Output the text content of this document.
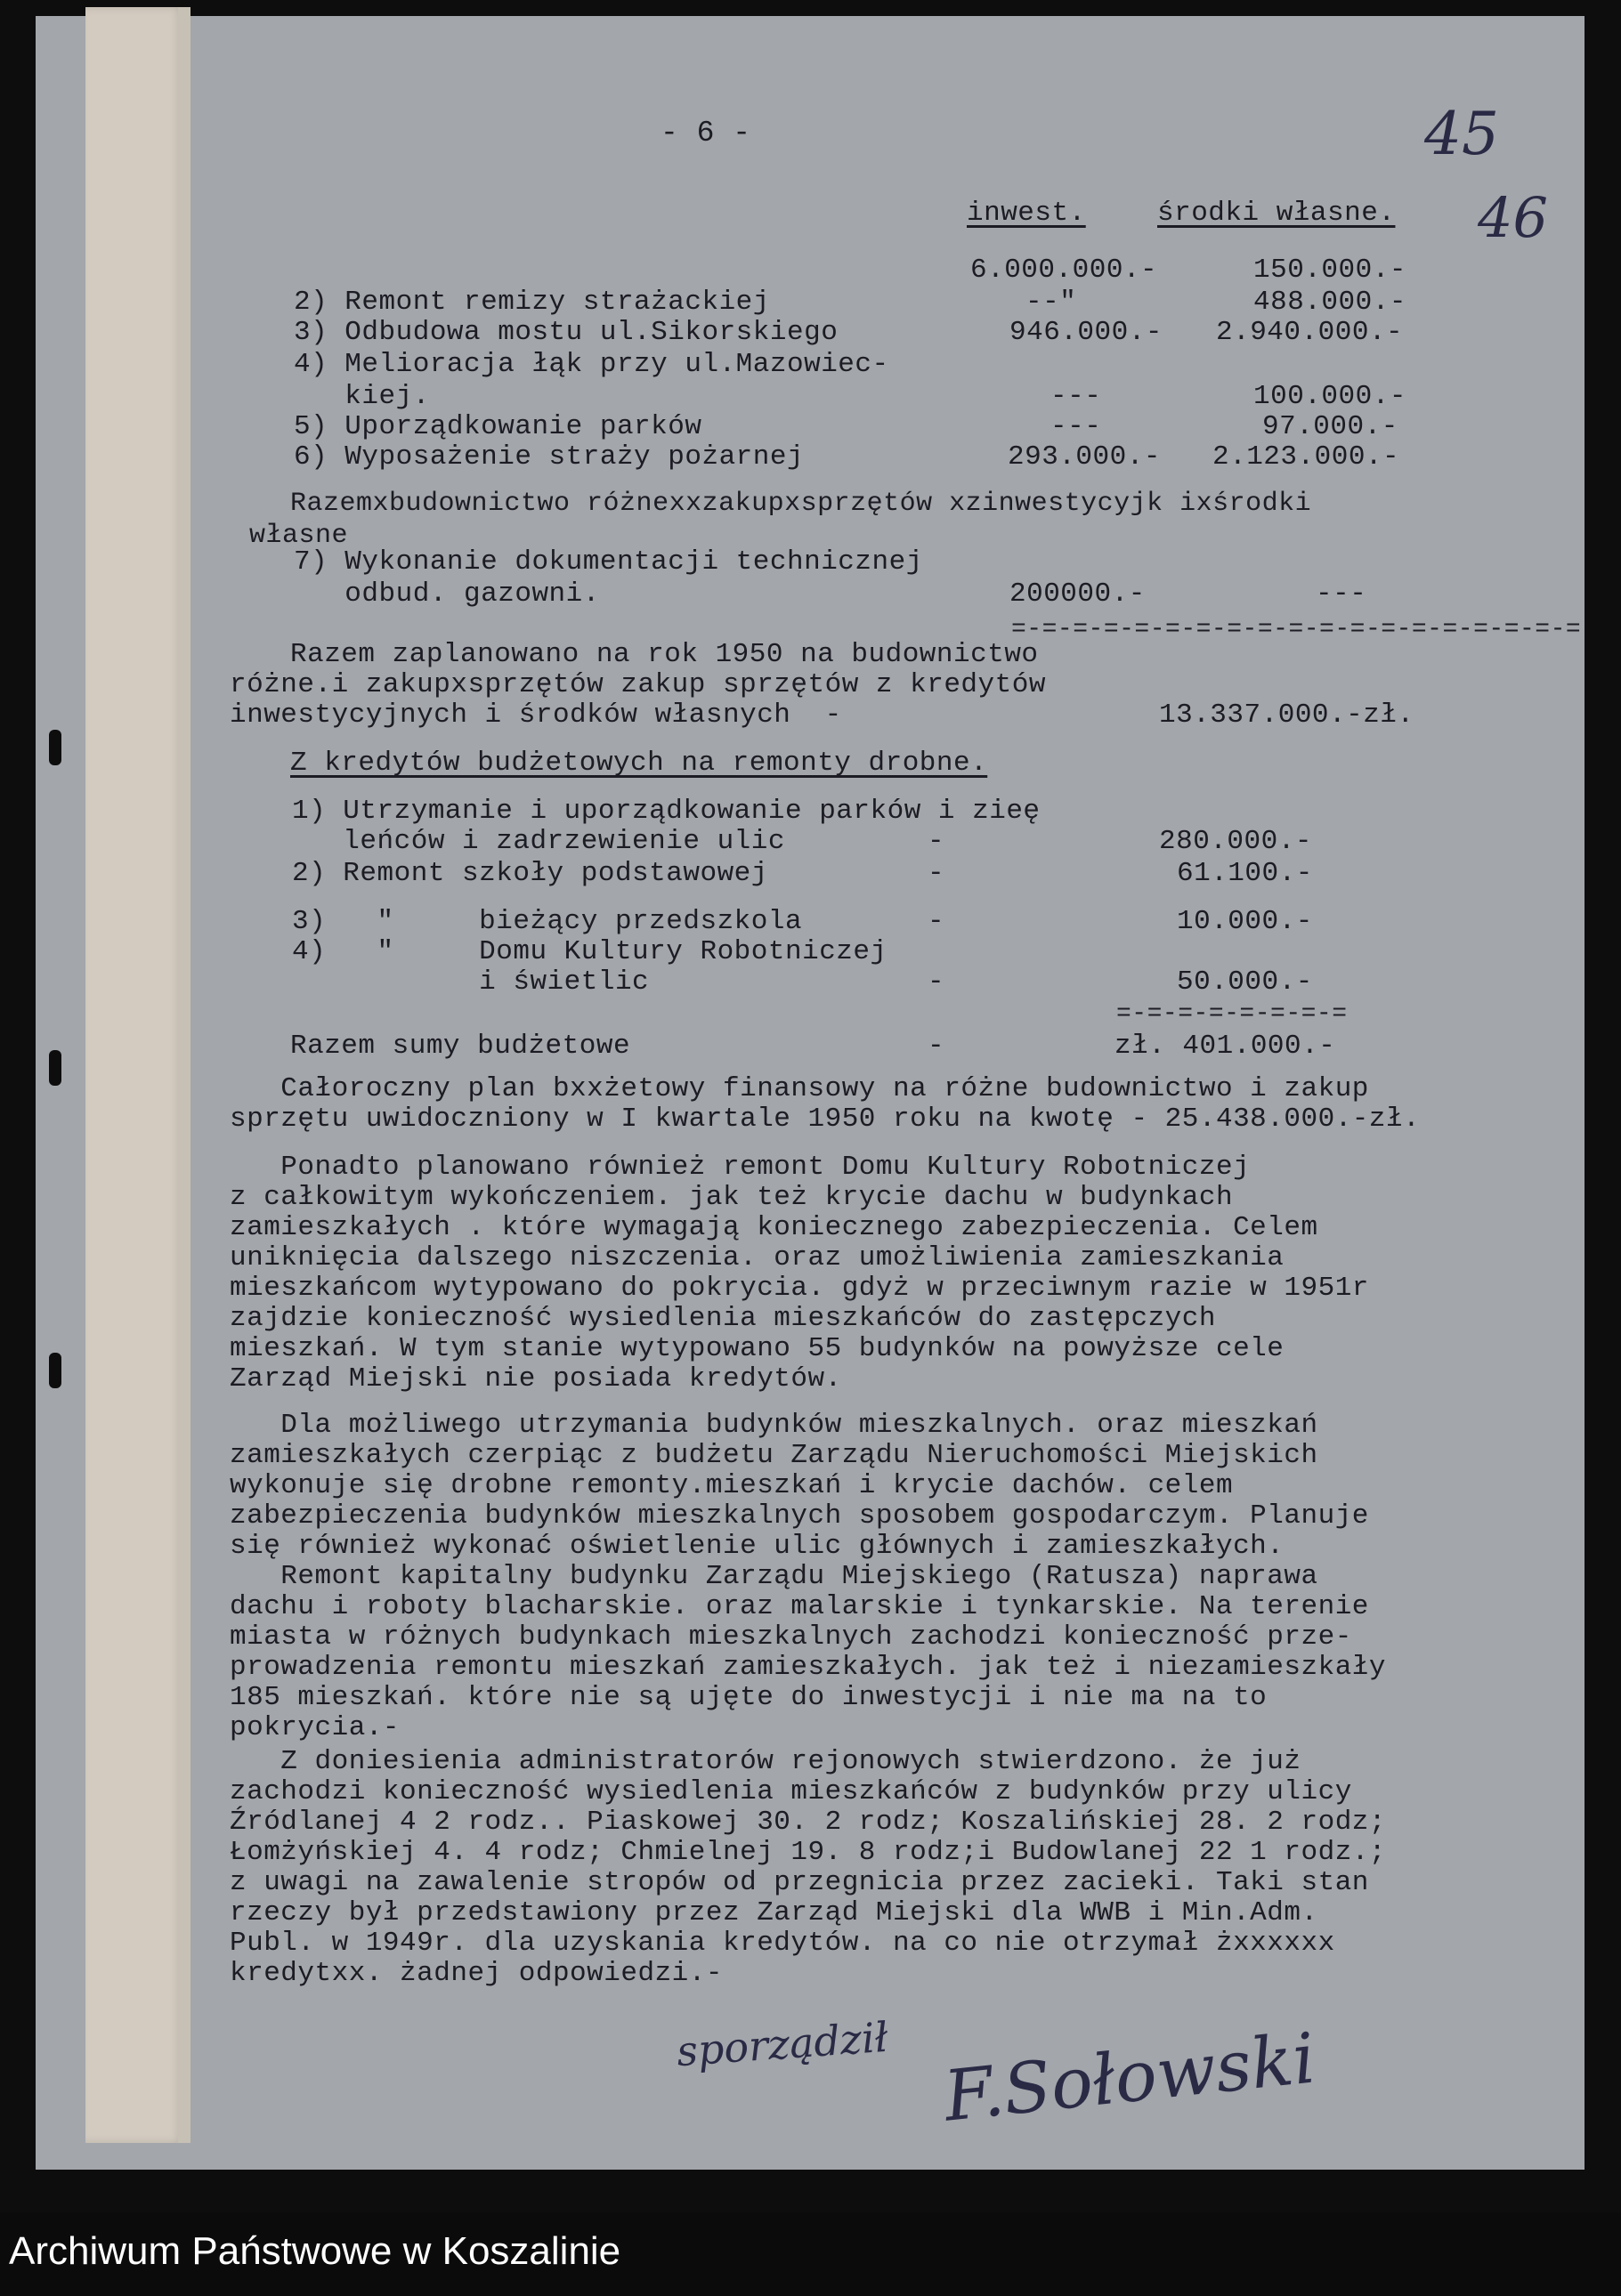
- 6 -	45
46
inwest.	środki własne.
6.000.000.-	150.000.-
2) Remont remizy strażackiej	--"	488.000.-
3) Odbudowa mostu ul.Sikorskiego	946.000.- 2.940.000.-
4) Melioracja łąk przy ul.Mazowiec-
kiej.	---	100.000.-
5) Uporządkowanie parków	---	97.000.-
6) Wyposażenie straży pożarnej	293.000.- 2.123.000.-
Razemxbudownictwo różnexxzakupxsprzętów xzinwestycyjk ixśrodki
własne
7) Wykonanie dokumentacji technicznej
odbud. gazowni.	200000.-	---
=-=-=-=-=-=-=-=-=-=-=-=-=-=-=-=-=-=-=
Razem zaplanowano na rok 1950 na budownictwo
różne.i zakupxsprzętów zakup sprzętów z kredytów
inwestycyjnych i środków własnych  -	13.337.000.-zł.
Z kredytów budżetowych na remonty drobne.
1) Utrzymanie i uporządkowanie parków i zieę
leńców i zadrzewienie ulic	-	280.000.-
2) Remont szkoły podstawowej	-	61.100.-
3)   "     bieżący przedszkola	-	10.000.-
4)   "     Domu Kultury Robotniczej
i świetlic	-	50.000.-
=-=-=-=-=-=-=-=
Razem sumy budżetowe	-	zł. 401.000.-
Całoroczny plan bxxżetowy finansowy na różne budownictwo i zakup
sprzętu uwidoczniony w I kwartale 1950 roku na kwotę - 25.438.000.-zł.
Ponadto planowano również remont Domu Kultury Robotniczej
z całkowitym wykończeniem. jak też krycie dachu w budynkach
zamieszkałych . które wymagają koniecznego zabezpieczenia. Celem
uniknięcia dalszego niszczenia. oraz umożliwienia zamieszkania
mieszkańcom wytypowano do pokrycia. gdyż w przeciwnym razie w 1951r
zajdzie konieczność wysiedlenia mieszkańców do zastępczych
mieszkań. W tym stanie wytypowano 55 budynków na powyższe cele
Zarząd Miejski nie posiada kredytów.
Dla możliwego utrzymania budynków mieszkalnych. oraz mieszkań
zamieszkałych czerpiąc z budżetu Zarządu Nieruchomości Miejskich
wykonuje się drobne remonty.mieszkań i krycie dachów. celem
zabezpieczenia budynków mieszkalnych sposobem gospodarczym. Planuje
się również wykonać oświetlenie ulic głównych i zamieszkałych.
Remont kapitalny budynku Zarządu Miejskiego (Ratusza) naprawa
dachu i roboty blacharskie. oraz malarskie i tynkarskie. Na terenie
miasta w różnych budynkach mieszkalnych zachodzi konieczność prze-
prowadzenia remontu mieszkań zamieszkałych. jak też i niezamieszkały
185 mieszkań. które nie są ujęte do inwestycji i nie ma na to
pokrycia.-
Z doniesienia administratorów rejonowych stwierdzono. że już
zachodzi konieczność wysiedlenia mieszkańców z budynków przy ulicy
Źródlanej 4 2 rodz.. Piaskowej 30. 2 rodz; Koszalińskiej 28. 2 rodz;
Łomżyńskiej 4. 4 rodz; Chmielnej 19. 8 rodz;i Budowlanej 22 1 rodz.;
z uwagi na zawalenie stropów od przegnicia przez zacieki. Taki stan
rzeczy był przedstawiony przez Zarząd Miejski dla WWB i Min.Adm.
Publ. w 1949r. dla uzyskania kredytów. na co nie otrzymał żxxxxxx
kredytxx. żadnej odpowiedzi.-
sporządził F.Sołowski
Archiwum Państwowe w Koszalinie
